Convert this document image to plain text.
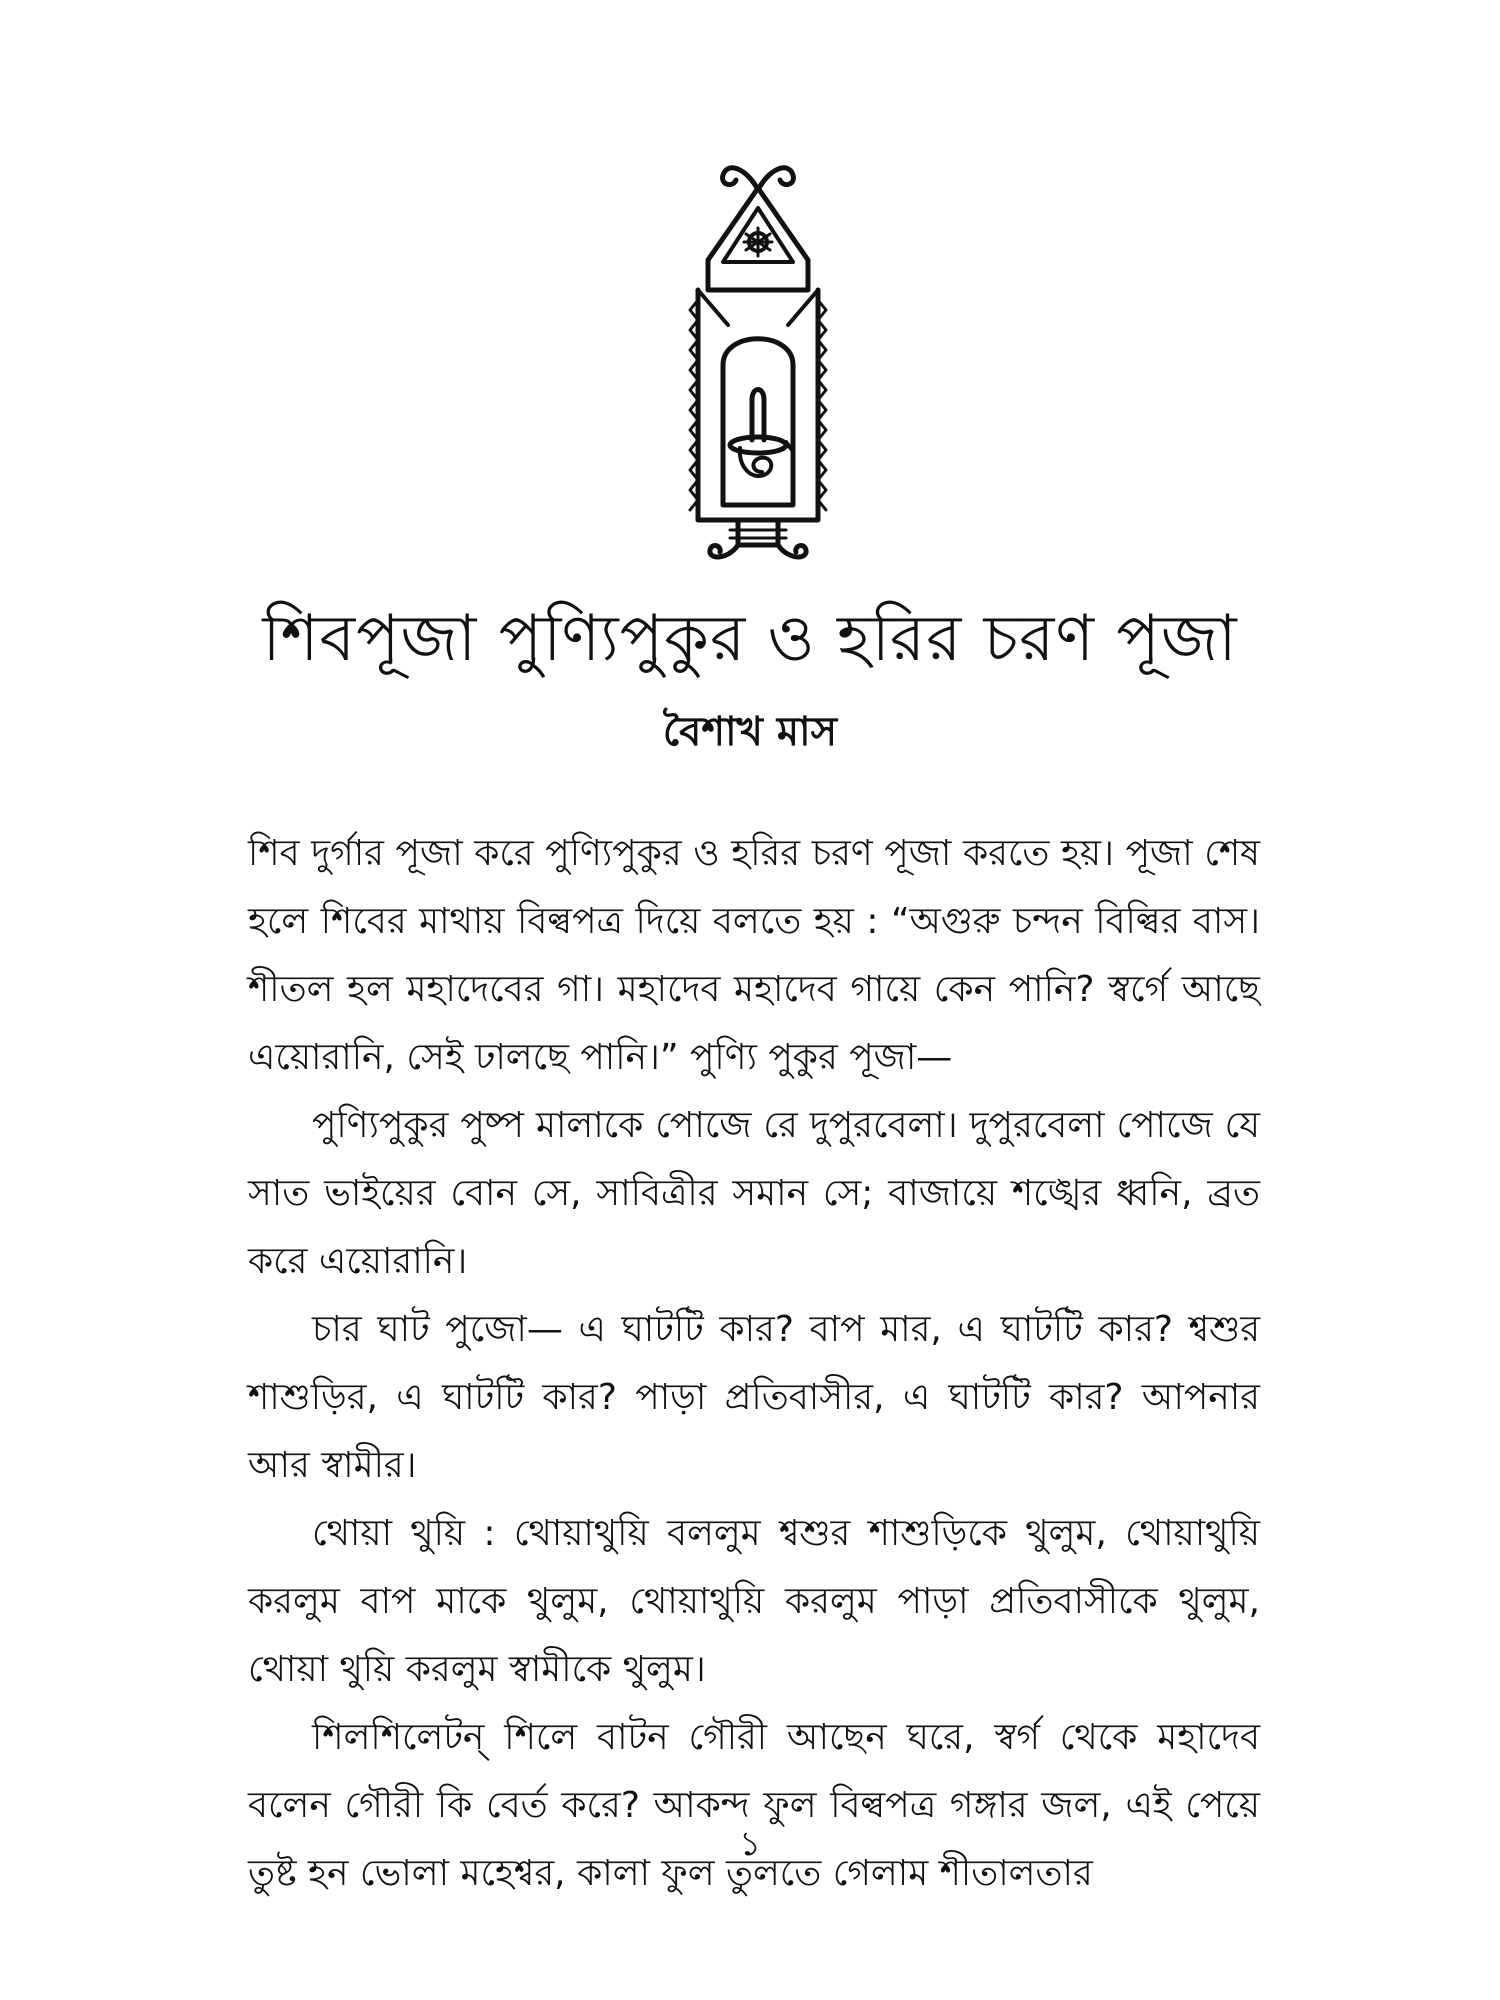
শিবপূজা পুণ্যিপুকুর ও হরির চরণ পূজা
বৈশাখ মাস

শিব দুর্গার পূজা করে পুণ্যিপুকুর ও হরির চরণ পূজা করতে হয়। পূজা শেষ হলে শিবের মাথায় বিল্বপত্র দিয়ে বলতে হয় : “অগুরু চন্দন বিল্বির বাস। শীতল হল মহাদেবের গা। মহাদেব মহাদেব গায়ে কেন পানি? স্বর্গে আছে এয়োরানি, সেই ঢালছে পানি।” পুণ্যি পুকুর পূজা—

পুণ্যিপুকুর পুষ্প মালাকে পোজে রে দুপুরবেলা। দুপুরবেলা পোজে যে সাত ভাইয়ের বোন সে, সাবিত্রীর সমান সে; বাজায়ে শঙ্খের ধ্বনি, ব্রত করে এয়োরানি।

চার ঘাট পুজো— এ ঘাটটি কার? বাপ মার, এ ঘাটটি কার? শ্বশুর শাশুড়ির, এ ঘাটটি কার? পাড়া প্রতিবাসীর, এ ঘাটটি কার? আপনার আর স্বামীর।

থোয়া থুয়ি : থোয়াথুয়ি বললুম শ্বশুর শাশুড়িকে থুলুম, থোয়াথুয়ি করলুম বাপ মাকে থুলুম, থোয়াথুয়ি করলুম পাড়া প্রতিবাসীকে থুলুম, থোয়া থুয়ি করলুম স্বামীকে থুলুম।

শিলশিলেটন্ শিলে বাটন গৌরী আছেন ঘরে, স্বর্গ থেকে মহাদেব বলেন গৌরী কি বের্ত করে? আকন্দ ফুল বিল্বপত্র গঙ্গার জল, এই পেয়ে তুষ্ট হন ভোলা মহেশ্বর, কালা ফুল তুলতে গেলাম শীতালতার

১
